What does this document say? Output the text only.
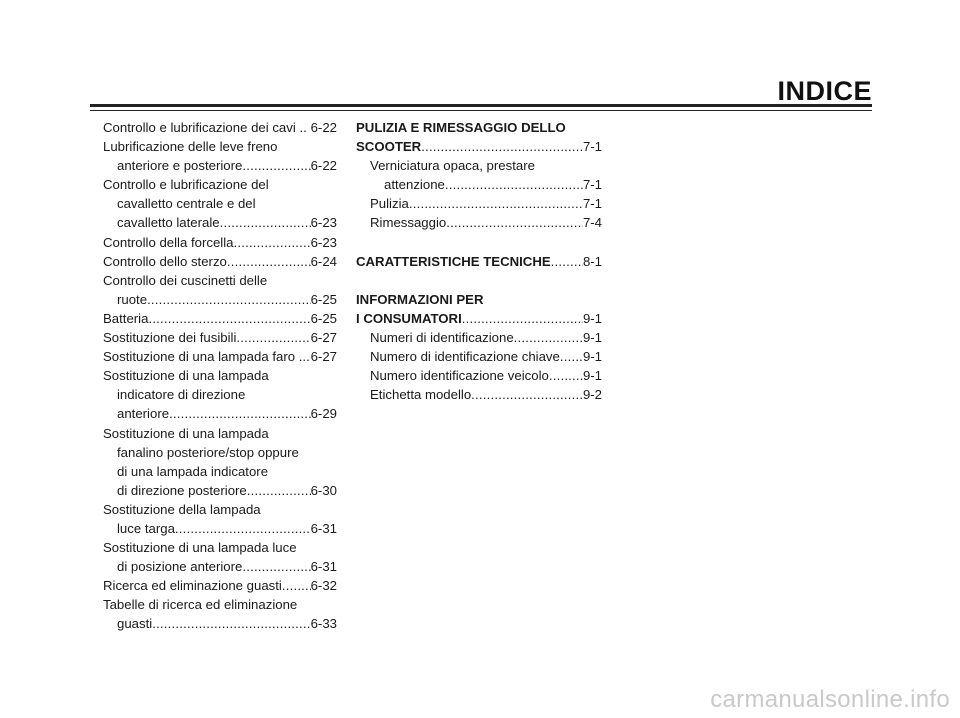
INDICE
Controllo e lubrificazione dei cavi .. 6-22
Lubrificazione delle leve freno
anteriore e posteriore .....	6-22
Controllo e lubrificazione del
cavalletto centrale e del
cavalletto laterale .....	6-23
Controllo della forcella .....	6-23
Controllo dello sterzo .....	6-24
Controllo dei cuscinetti delle
ruote .....	6-25
Batteria .....	6-25
Sostituzione dei fusibili .....	6-27
Sostituzione di una lampada faro ... 6-27
Sostituzione di una lampada
indicatore di direzione
anteriore .....	6-29
Sostituzione di una lampada
fanalino posteriore/stop oppure
di una lampada indicatore
di direzione posteriore .....	6-30
Sostituzione della lampada
luce targa .....	6-31
Sostituzione di una lampada luce
di posizione anteriore .....	6-31
Ricerca ed eliminazione guasti ..... 6-32
Tabelle di ricerca ed eliminazione
guasti .....	6-33
PULIZIA E RIMESSAGGIO DELLO
SCOOTER .....	7-1
Verniciatura opaca, prestare
attenzione .....	7-1
Pulizia .....	7-1
Rimessaggio .....	7-4
CARATTERISTICHE TECNICHE ..... 8-1
INFORMAZIONI PER
I CONSUMATORI .....	9-1
Numeri di identificazione .....	9-1
Numero di identificazione chiave ..... 9-1
Numero identificazione veicolo .....	9-1
Etichetta modello .....	9-2
carmanualsonline.info
